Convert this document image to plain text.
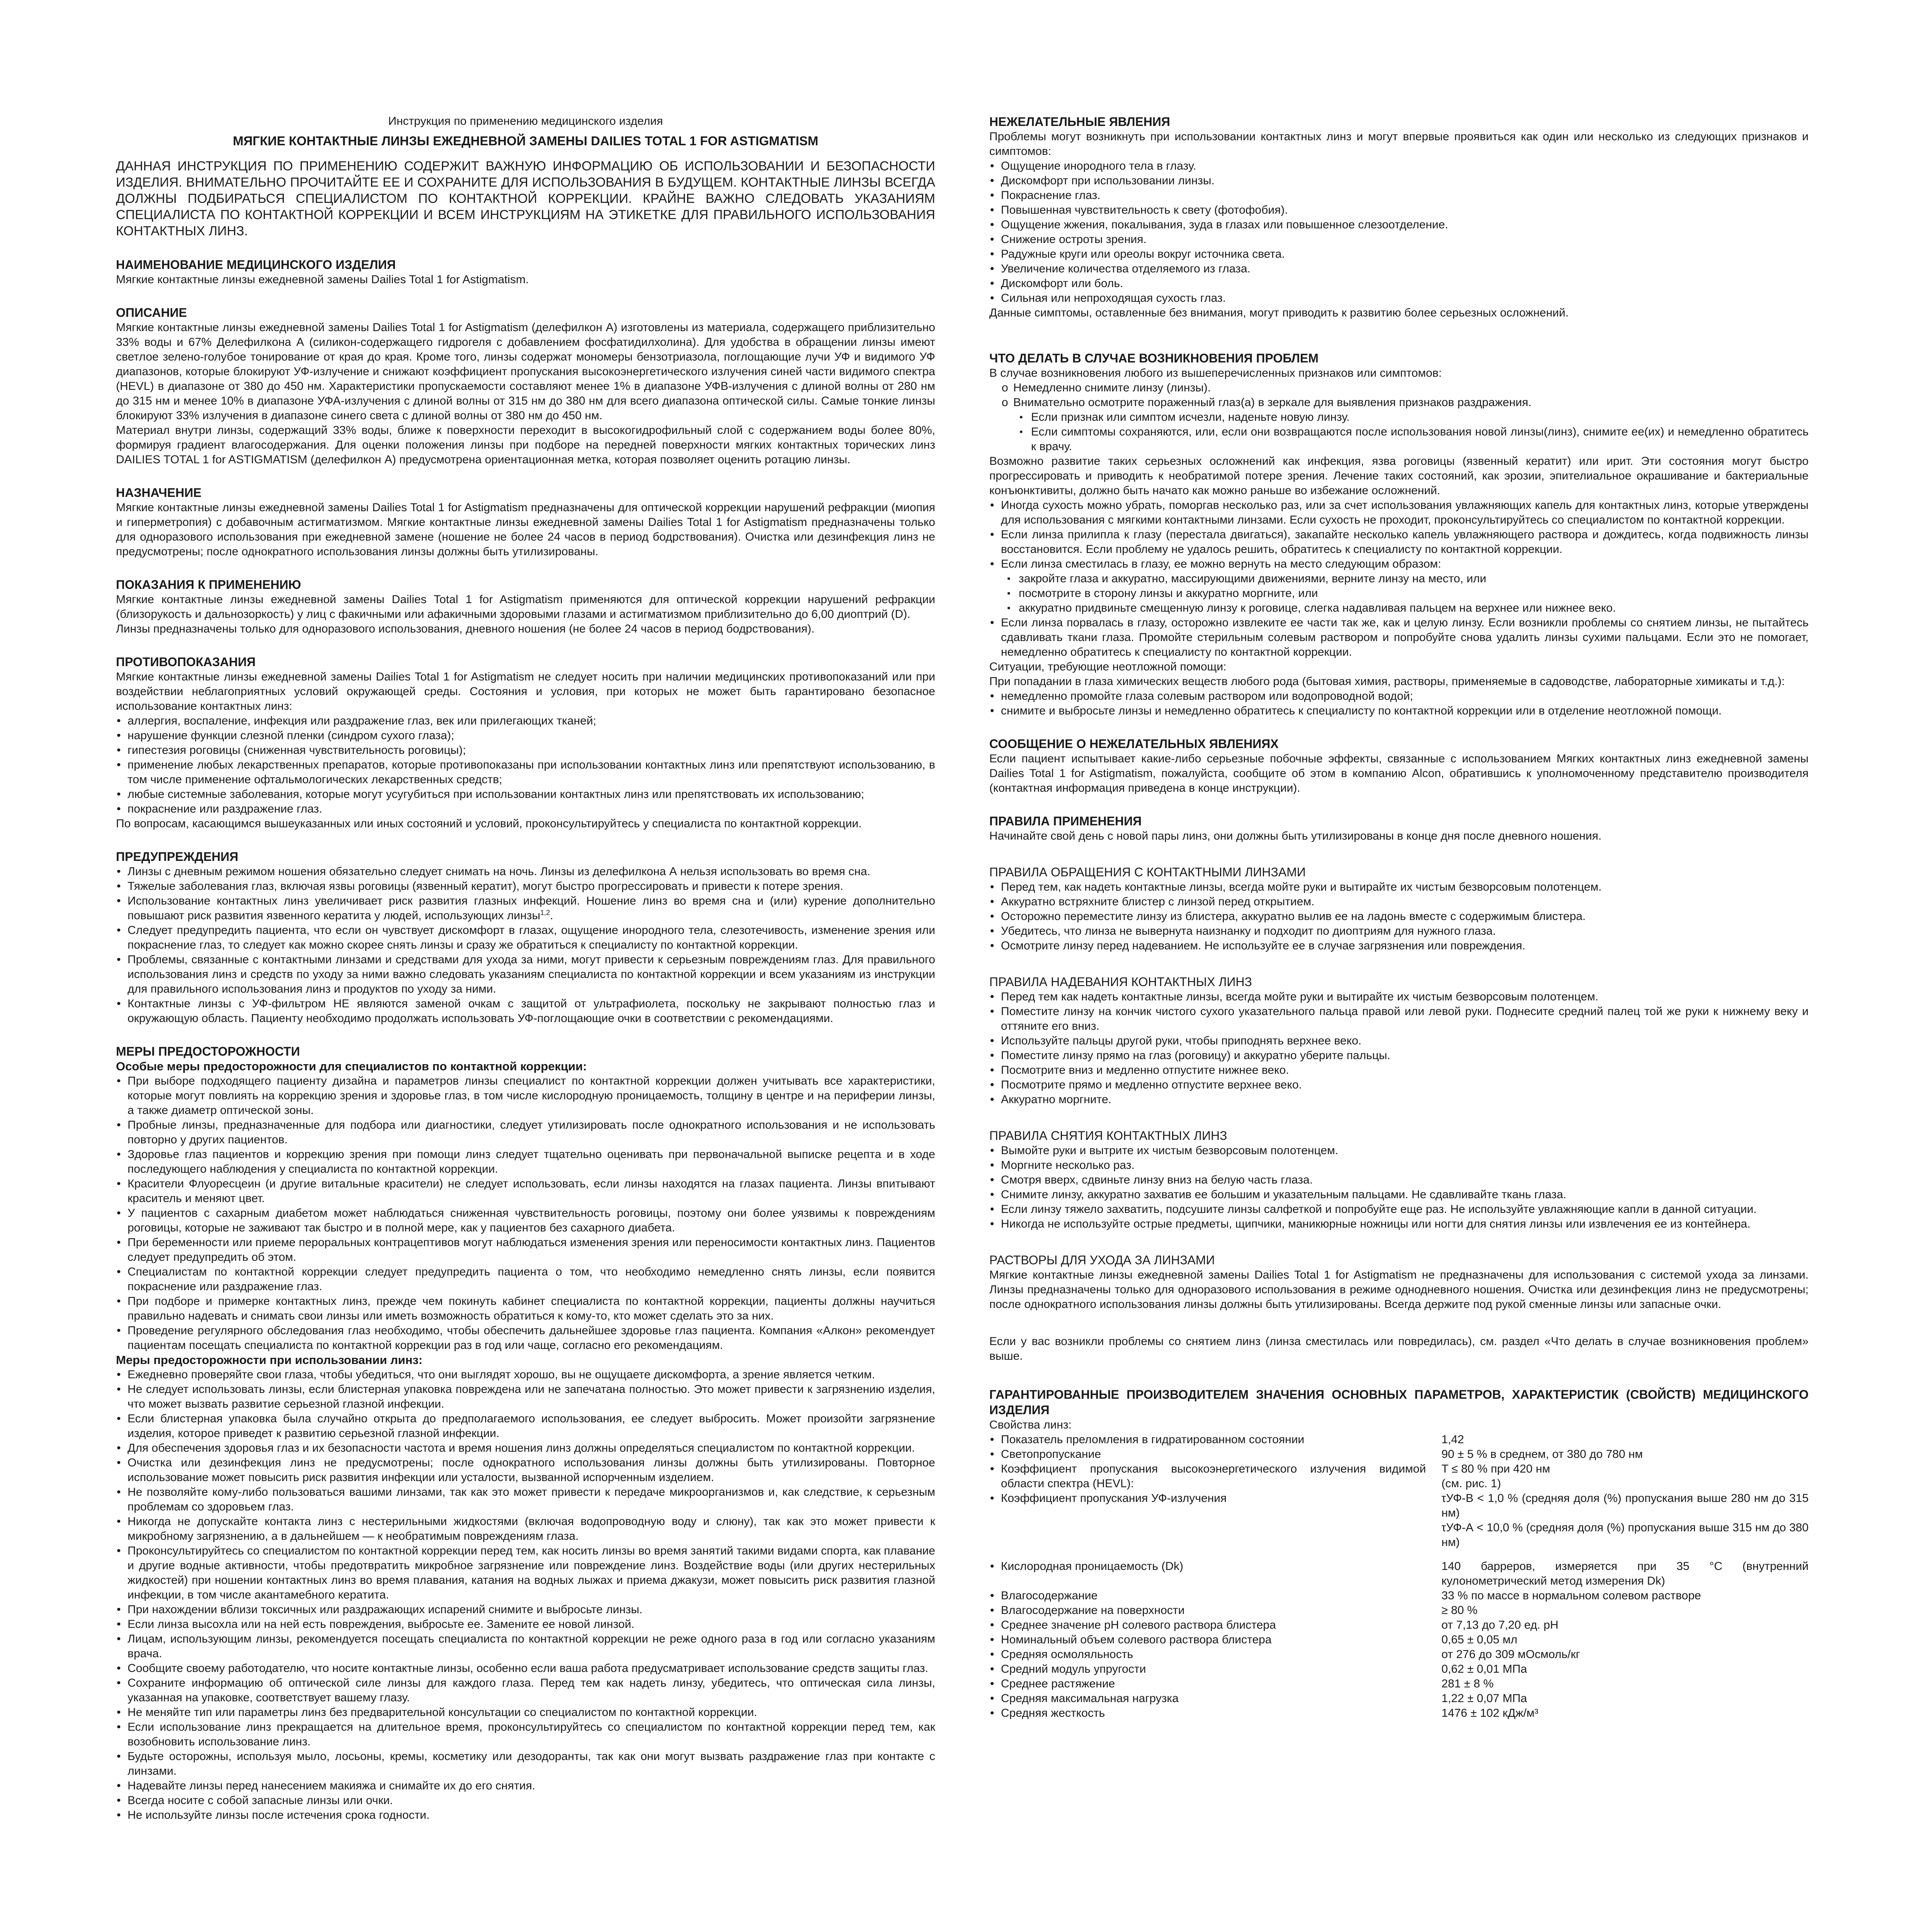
Инструкция по применению медицинского изделия

МЯГКИЕ КОНТАКТНЫЕ ЛИНЗЫ ЕЖЕДНЕВНОЙ ЗАМЕНЫ DAILIES TOTAL 1 FOR ASTIGMATISM

ДАННАЯ ИНСТРУКЦИЯ ПО ПРИМЕНЕНИЮ СОДЕРЖИТ ВАЖНУЮ ИНФОРМАЦИЮ ОБ ИСПОЛЬЗОВАНИИ И БЕЗОПАСНОСТИ ИЗДЕЛИЯ. ВНИМАТЕЛЬНО ПРОЧИТАЙТЕ ЕЕ И СОХРАНИТЕ ДЛЯ ИСПОЛЬЗОВАНИЯ В БУДУЩЕМ. КОНТАКТНЫЕ ЛИНЗЫ ВСЕГДА ДОЛЖНЫ ПОДБИРАТЬСЯ СПЕЦИАЛИСТОМ ПО КОНТАКТНОЙ КОРРЕКЦИИ. КРАЙНЕ ВАЖНО СЛЕДОВАТЬ УКАЗАНИЯМ СПЕЦИАЛИСТА ПО КОНТАКТНОЙ КОРРЕКЦИИ И ВСЕМ ИНСТРУКЦИЯМ НА ЭТИКЕТКЕ ДЛЯ ПРАВИЛЬНОГО ИСПОЛЬЗОВАНИЯ КОНТАКТНЫХ ЛИНЗ.

НАИМЕНОВАНИЕ МЕДИЦИНСКОГО ИЗДЕЛИЯ

Мягкие контактные линзы ежедневной замены Dailies Total 1 for Astigmatism.

ОПИСАНИЕ

Мягкие контактные линзы ежедневной замены Dailies Total 1 for Astigmatism (делефилкон А) изготовлены из материала, содержащего приблизительно 33% воды и 67% Делефилкона А (силикон-содержащего гидрогеля с добавлением фосфатидилхолина). Для удобства в обращении линзы имеют светлое зелено-голубое тонирование от края до края. Кроме того, линзы содержат мономеры бензотриазола, поглощающие лучи УФ и видимого УФ диапазонов, которые блокируют УФ-излучение и снижают коэффициент пропускания высокоэнергетического излучения синей части видимого спектра (HEVL) в диапазоне от 380 до 450 нм. Характеристики пропускаемости составляют менее 1% в диапазоне УФВ-излучения с длиной волны от 280 нм до 315 нм и менее 10% в диапазоне УФА-излучения с длиной волны от 315 нм до 380 нм для всего диапазона оптической силы. Самые тонкие линзы блокируют 33% излучения в диапазоне синего света с длиной волны от 380 нм до 450 нм.

Материал внутри линзы, содержащий 33% воды, ближе к поверхности переходит в высокогидрофильный слой с содержанием воды более 80%, формируя градиент влагосодержания. Для оценки положения линзы при подборе на передней поверхности мягких контактных торических линз DAILIES TOTAL 1 for ASTIGMATISM (делефилкон А) предусмотрена ориентационная метка, которая позволяет оценить ротацию линзы.

НАЗНАЧЕНИЕ

Мягкие контактные линзы ежедневной замены Dailies Total 1 for Astigmatism предназначены для оптической коррекции нарушений рефракции (миопия и гиперметропия) с добавочным астигматизмом. Мягкие контактные линзы ежедневной замены Dailies Total 1 for Astigmatism предназначены только для одноразового использования при ежедневной замене (ношение не более 24 часов в период бодрствования). Очистка или дезинфекция линз не предусмотрены; после однократного использования линзы должны быть утилизированы.

ПОКАЗАНИЯ К ПРИМЕНЕНИЮ

Мягкие контактные линзы ежедневной замены Dailies Total 1 for Astigmatism применяются для оптической коррекции нарушений рефракции (близорукость и дальнозоркость) у лиц с факичными или афакичными здоровыми глазами и астигматизмом приблизительно до 6,00 диоптрий (D).

Линзы предназначены только для одноразового использования, дневного ношения (не более 24 часов в период бодрствования).

ПРОТИВОПОКАЗАНИЯ

Мягкие контактные линзы ежедневной замены Dailies Total 1 for Astigmatism не следует носить при наличии медицинских противопоказаний или при воздействии неблагоприятных условий окружающей среды. Состояния и условия, при которых не может быть гарантировано безопасное использование контактных линз:

• аллергия, воспаление, инфекция или раздражение глаз, век или прилегающих тканей;
• нарушение функции слезной пленки (синдром сухого глаза);
• гипестезия роговицы (сниженная чувствительность роговицы);
• применение любых лекарственных препаратов, которые противопоказаны при использовании контактных линз или препятствуют использованию, в том числе применение офтальмологических лекарственных средств;
• любые системные заболевания, которые могут усугубиться при использовании контактных линз или препятствовать их использованию;
• покраснение или раздражение глаз.

По вопросам, касающимся вышеуказанных или иных состояний и условий, проконсультируйтесь у специалиста по контактной коррекции.

ПРЕДУПРЕЖДЕНИЯ
• Линзы с дневным режимом ношения обязательно следует снимать на ночь. Линзы из делефилкона А нельзя использовать во время сна.
• Тяжелые заболевания глаз, включая язвы роговицы (язвенный кератит), могут быстро прогрессировать и привести к потере зрения.
• Использование контактных линз увеличивает риск развития глазных инфекций. Ношение линз во время сна и (или) курение дополнительно повышают риск развития язвенного кератита у людей, использующих линзы$^{1,2}$.
• Следует предупредить пациента, что если он чувствует дискомфорт в глазах, ощущение инородного тела, слезотечивость, изменение зрения или покраснение глаз, то следует как можно скорее снять линзы и сразу же обратиться к специалисту по контактной коррекции.
• Проблемы, связанные с контактными линзами и средствами для ухода за ними, могут привести к серьезным повреждениям глаз. Для правильного использования линз и средств по уходу за ними важно следовать указаниям специалиста по контактной коррекции и всем указаниям из инструкции для правильного использования линз и продуктов по уходу за ними.
• Контактные линзы с УФ-фильтром НЕ являются заменой очкам с защитой от ультрафиолета, поскольку не закрывают полностью глаз и окружающую область. Пациенту необходимо продолжать использовать УФ-поглощающие очки в соответствии с рекомендациями.
МЕРЫ ПРЕДОСТОРОЖНОСТИ
Особые меры предосторожности для специалистов по контактной коррекции:
• При выборе подходящего пациенту дизайна и параметров линзы специалист по контактной коррекции должен учитывать все характеристики, которые могут повлиять на коррекцию зрения и здоровье глаз, в том числе кислородную проницаемость, толщину в центре и на периферии линзы, а также диаметр оптической зоны.
• Пробные линзы, предназначенные для подбора или диагностики, следует утилизировать после однократного использования и не использовать повторно у других пациентов.
• Здоровье глаз пациентов и коррекцию зрения при помощи линз следует тщательно оценивать при первоначальной выписке рецепта и в ходе последующего наблюдения у специалиста по контактной коррекции.
• Красители Флуоресцеин (и другие витальные красители) не следует использовать, если линзы находятся на глазах пациента. Линзы впитывают краситель и меняют цвет.
• У пациентов с сахарным диабетом может наблюдаться сниженная чувствительность роговицы, поэтому они более уязвимы к повреждениям роговицы, которые не заживают так быстро и в полной мере, как у пациентов без сахарного диабета.
• При беременности или приеме пероральных контрацептивов могут наблюдаться изменения зрения или переносимости контактных линз. Пациентов следует предупредить об этом.
• Специалистам по контактной коррекции следует предупредить пациента о том, что необходимо немедленно снять линзы, если появится покраснение или раздражение глаз.
• При подборе и примерке контактных линз, прежде чем покинуть кабинет специалиста по контактной коррекции, пациенты должны научиться правильно надевать и снимать свои линзы или иметь возможность обратиться к кому-то, кто может сделать это за них.
• Проведение регулярного обследования глаз необходимо, чтобы обеспечить дальнейшее здоровье глаз пациента. Компания «Алкон» рекомендует пациентам посещать специалиста по контактной коррекции раз в год или чаще, согласно его рекомендациям.
Меры предосторожности при использовании линз:
• Ежедневно проверяйте свои глаза, чтобы убедиться, что они выглядят хорошо, вы не ощущаете дискомфорта, а зрение является четким.
• Не следует использовать линзы, если блистерная упаковка повреждена или не запечатана полностью. Это может привести к загрязнению изделия, что может вызвать развитие серьезной глазной инфекции.
• Если блистерная упаковка была случайно открыта до предполагаемого использования, ее следует выбросить. Может произойти загрязнение изделия, которое приведет к развитию серьезной глазной инфекции.
• Для обеспечения здоровья глаз и их безопасности частота и время ношения линз должны определяться специалистом по контактной коррекции.
• Очистка или дезинфекция линз не предусмотрены; после однократного использования линзы должны быть утилизированы. Повторное использование может повысить риск развития инфекции или усталости, вызванной испорченным изделием.
• Не позволяйте кому-либо пользоваться вашими линзами, так как это может привести к передаче микроорганизмов и, как следствие, к серьезным проблемам со здоровьем глаз.
• Никогда не допускайте контакта линз с нестерильными жидкостями (включая водопроводную воду и слюну), так как это может привести к микробному загрязнению, а в дальнейшем — к необратимым повреждениям глаза.
• Проконсультируйтесь со специалистом по контактной коррекции перед тем, как носить линзы во время занятий такими видами спорта, как плавание и другие водные активности, чтобы предотвратить микробное загрязнение или повреждение линз. Воздействие воды (или других нестерильных жидкостей) при ношении контактных линз во время плавания, катания на водных лыжах и приема джакузи, может повысить риск развития глазной инфекции, в том числе акантамебного кератита.
• При нахождении вблизи токсичных или раздражающих испарений снимите и выбросьте линзы.
• Если линза высохла или на ней есть повреждения, выбросьте ее. Замените ее новой линзой.
• Лицам, использующим линзы, рекомендуется посещать специалиста по контактной коррекции не реже одного раза в год или согласно указаниям врача.
• Сообщите своему работодателю, что носите контактные линзы, особенно если ваша работа предусматривает использование средств защиты глаз.
• Сохраните информацию об оптической силе линзы для каждого глаза. Перед тем как надеть линзу, убедитесь, что оптическая сила линзы, указанная на упаковке, соответствует вашему глазу.
• Не меняйте тип или параметры линз без предварительной консультации со специалистом по контактной коррекции.
• Если использование линз прекращается на длительное время, проконсультируйтесь со специалистом по контактной коррекции перед тем, как возобновить использование линз.
• Будьте осторожны, используя мыло, лосьоны, кремы, косметику или дезодоранты, так как они могут вызвать раздражение глаз при контакте с линзами.
• Надевайте линзы перед нанесением макияжа и снимайте их до его снятия.
• Всегда носите с собой запасные линзы или очки.
• Не используйте линзы после истечения срока годности.
НЕЖЕЛАТЕЛЬНЫЕ ЯВЛЕНИЯ

Проблемы могут возникнуть при использовании контактных линз и могут впервые проявиться как один или несколько из следующих признаков и симптомов:

• Ощущение инородного тела в глазу.
• Дискомфорт при использовании линзы.
• Покраснение глаз.
• Повышенная чувствительность к свету (фотофобия).
• Ощущение жжения, покалывания, зуда в глазах или повышенное слезоотделение.
• Снижение остроты зрения.
• Радужные круги или ореолы вокруг источника света.
• Увеличение количества отделяемого из глаза.
• Дискомфорт или боль.
• Сильная или непроходящая сухость глаз.

Данные симптомы, оставленные без внимания, могут приводить к развитию более серьезных осложнений.

ЧТО ДЕЛАТЬ В СЛУЧАЕ ВОЗНИКНОВЕНИЯ ПРОБЛЕМ

В случае возникновения любого из вышеперечисленных признаков или симптомов:

o Немедленно снимите линзу (линзы).
o Внимательно осмотрите пораженный глаз(а) в зеркале для выявления признаков раздражения.
▪ Если признак или симптом исчезли, наденьте новую линзу.
▪ Если симптомы сохраняются, или, если они возвращаются после использования новой линзы(линз), снимите ее(их) и немедленно обратитесь к врачу.

Возможно развитие таких серьезных осложнений как инфекция, язва роговицы (язвенный кератит) или ирит. Эти состояния могут быстро прогрессировать и приводить к необратимой потере зрения. Лечение таких состояний, как эрозии, эпителиальное окрашивание и бактериальные конъюнктивиты, должно быть начато как можно раньше во избежание осложнений.

• Иногда сухость можно убрать, поморгав несколько раз, или за счет использования увлажняющих капель для контактных линз, которые утверждены для использования с мягкими контактными линзами. Если сухость не проходит, проконсультируйтесь со специалистом по контактной коррекции.
• Если линза прилипла к глазу (перестала двигаться), закапайте несколько капель увлажняющего раствора и дождитесь, когда подвижность линзы восстановится. Если проблему не удалось решить, обратитесь к специалисту по контактной коррекции.
• Если линза сместилась в глазу, ее можно вернуть на место следующим образом:
▪ закройте глаза и аккуратно, массирующими движениями, верните линзу на место, или
▪ посмотрите в сторону линзы и аккуратно моргните, или
▪ аккуратно придвиньте смещенную линзу к роговице, слегка надавливая пальцем на верхнее или нижнее веко.
• Если линза порвалась в глазу, осторожно извлеките ее части так же, как и целую линзу. Если возникли проблемы со снятием линзы, не пытайтесь сдавливать ткани глаза. Промойте стерильным солевым раствором и попробуйте снова удалить линзы сухими пальцами. Если это не помогает, немедленно обратитесь к специалисту по контактной коррекции.

Ситуации, требующие неотложной помощи:

При попадании в глаза химических веществ любого рода (бытовая химия, растворы, применяемые в садоводстве, лабораторные химикаты и т.д.):

• немедленно промойте глаза солевым раствором или водопроводной водой;
• снимите и выбросьте линзы и немедленно обратитесь к специалисту по контактной коррекции или в отделение неотложной помощи.
СООБЩЕНИЕ О НЕЖЕЛАТЕЛЬНЫХ ЯВЛЕНИЯХ

Если пациент испытывает какие-либо серьезные побочные эффекты, связанные с использованием Мягких контактных линз ежедневной замены Dailies Total 1 for Astigmatism, пожалуйста, сообщите об этом в компанию Alcon, обратившись к уполномоченному представителю производителя (контактная информация приведена в конце инструкции).

ПРАВИЛА ПРИМЕНЕНИЯ

Начинайте свой день с новой пары линз, они должны быть утилизированы в конце дня после дневного ношения.

ПРАВИЛА ОБРАЩЕНИЯ С КОНТАКТНЫМИ ЛИНЗАМИ
• Перед тем, как надеть контактные линзы, всегда мойте руки и вытирайте их чистым безворсовым полотенцем.
• Аккуратно встряхните блистер с линзой перед открытием.
• Осторожно переместите линзу из блистера, аккуратно вылив ее на ладонь вместе с содержимым блистера.
• Убедитесь, что линза не вывернута наизнанку и подходит по диоптриям для нужного глаза.
• Осмотрите линзу перед надеванием. Не используйте ее в случае загрязнения или повреждения.
ПРАВИЛА НАДЕВАНИЯ КОНТАКТНЫХ ЛИНЗ
• Перед тем как надеть контактные линзы, всегда мойте руки и вытирайте их чистым безворсовым полотенцем.
• Поместите линзу на кончик чистого сухого указательного пальца правой или левой руки. Поднесите средний палец той же руки к нижнему веку и оттяните его вниз.
• Используйте пальцы другой руки, чтобы приподнять верхнее веко.
• Поместите линзу прямо на глаз (роговицу) и аккуратно уберите пальцы.
• Посмотрите вниз и медленно отпустите нижнее веко.
• Посмотрите прямо и медленно отпустите верхнее веко.
• Аккуратно моргните.
ПРАВИЛА СНЯТИЯ КОНТАКТНЫХ ЛИНЗ
• Вымойте руки и вытрите их чистым безворсовым полотенцем.
• Моргните несколько раз.
• Смотря вверх, сдвиньте линзу вниз на белую часть глаза.
• Снимите линзу, аккуратно захватив ее большим и указательным пальцами. Не сдавливайте ткань глаза.
• Если линзу тяжело захватить, подсушите линзы салфеткой и попробуйте еще раз. Не используйте увлажняющие капли в данной ситуации.
• Никогда не используйте острые предметы, щипчики, маникюрные ножницы или ногти для снятия линзы или извлечения ее из контейнера.
РАСТВОРЫ ДЛЯ УХОДА ЗА ЛИНЗАМИ

Мягкие контактные линзы ежедневной замены Dailies Total 1 for Astigmatism не предназначены для использования с системой ухода за линзами. Линзы предназначены только для одноразового использования в режиме однодневного ношения. Очистка или дезинфекция линз не предусмотрены; после однократного использования линзы должны быть утилизированы. Всегда держите под рукой сменные линзы или запасные очки.

Если у вас возникли проблемы со снятием линз (линза сместилась или повредилась), см. раздел «Что делать в случае возникновения проблем» выше.

ГАРАНТИРОВАННЫЕ ПРОИЗВОДИТЕЛЕМ ЗНАЧЕНИЯ ОСНОВНЫХ ПАРАМЕТРОВ, ХАРАКТЕРИСТИК (СВОЙСТВ) МЕДИЦИНСКОГО ИЗДЕЛИЯ

Свойства линз:

• Показатель преломления в гидратированном состоянии	1,42
• Светопропускание	90 ± 5 % в среднем, от 380 до 780 нм
• Коэффициент пропускания высокоэнергетического излучения видимой области спектра (HEVL):
T ≤ 80 % при 420 нм
(см. рис. 1)
• Коэффициент пропускания УФ-излучения	τУФ-В < 1,0 % (средняя доля (%) пропускания выше 280 нм до 315 нм)
τУФ-А < 10,0 % (средняя доля (%) пропускания выше 315 нм до 380 нм)
• Кислородная проницаемость (Dk)	140 барреров, измеряется при 35 °C (внутренний кулонометрический метод измерения Dk)
• Влагосодержание	33 % по массе в нормальном солевом растворе
• Влагосодержание на поверхности	≥ 80 %
• Среднее значение pH солевого раствора блистера	от 7,13 до 7,20 ед. pH
• Номинальный объем солевого раствора блистера	0,65 ± 0,05 мл
• Средняя осмоляльность	от 276 до 309 мОсмоль/кг
• Средний модуль упругости	0,62 ± 0,01 МПа
• Среднее растяжение	281 ± 8 %
• Средняя максимальная нагрузка	1,22 ± 0,07 МПа
• Средняя жесткость	1476 ± 102 кДж/м³
